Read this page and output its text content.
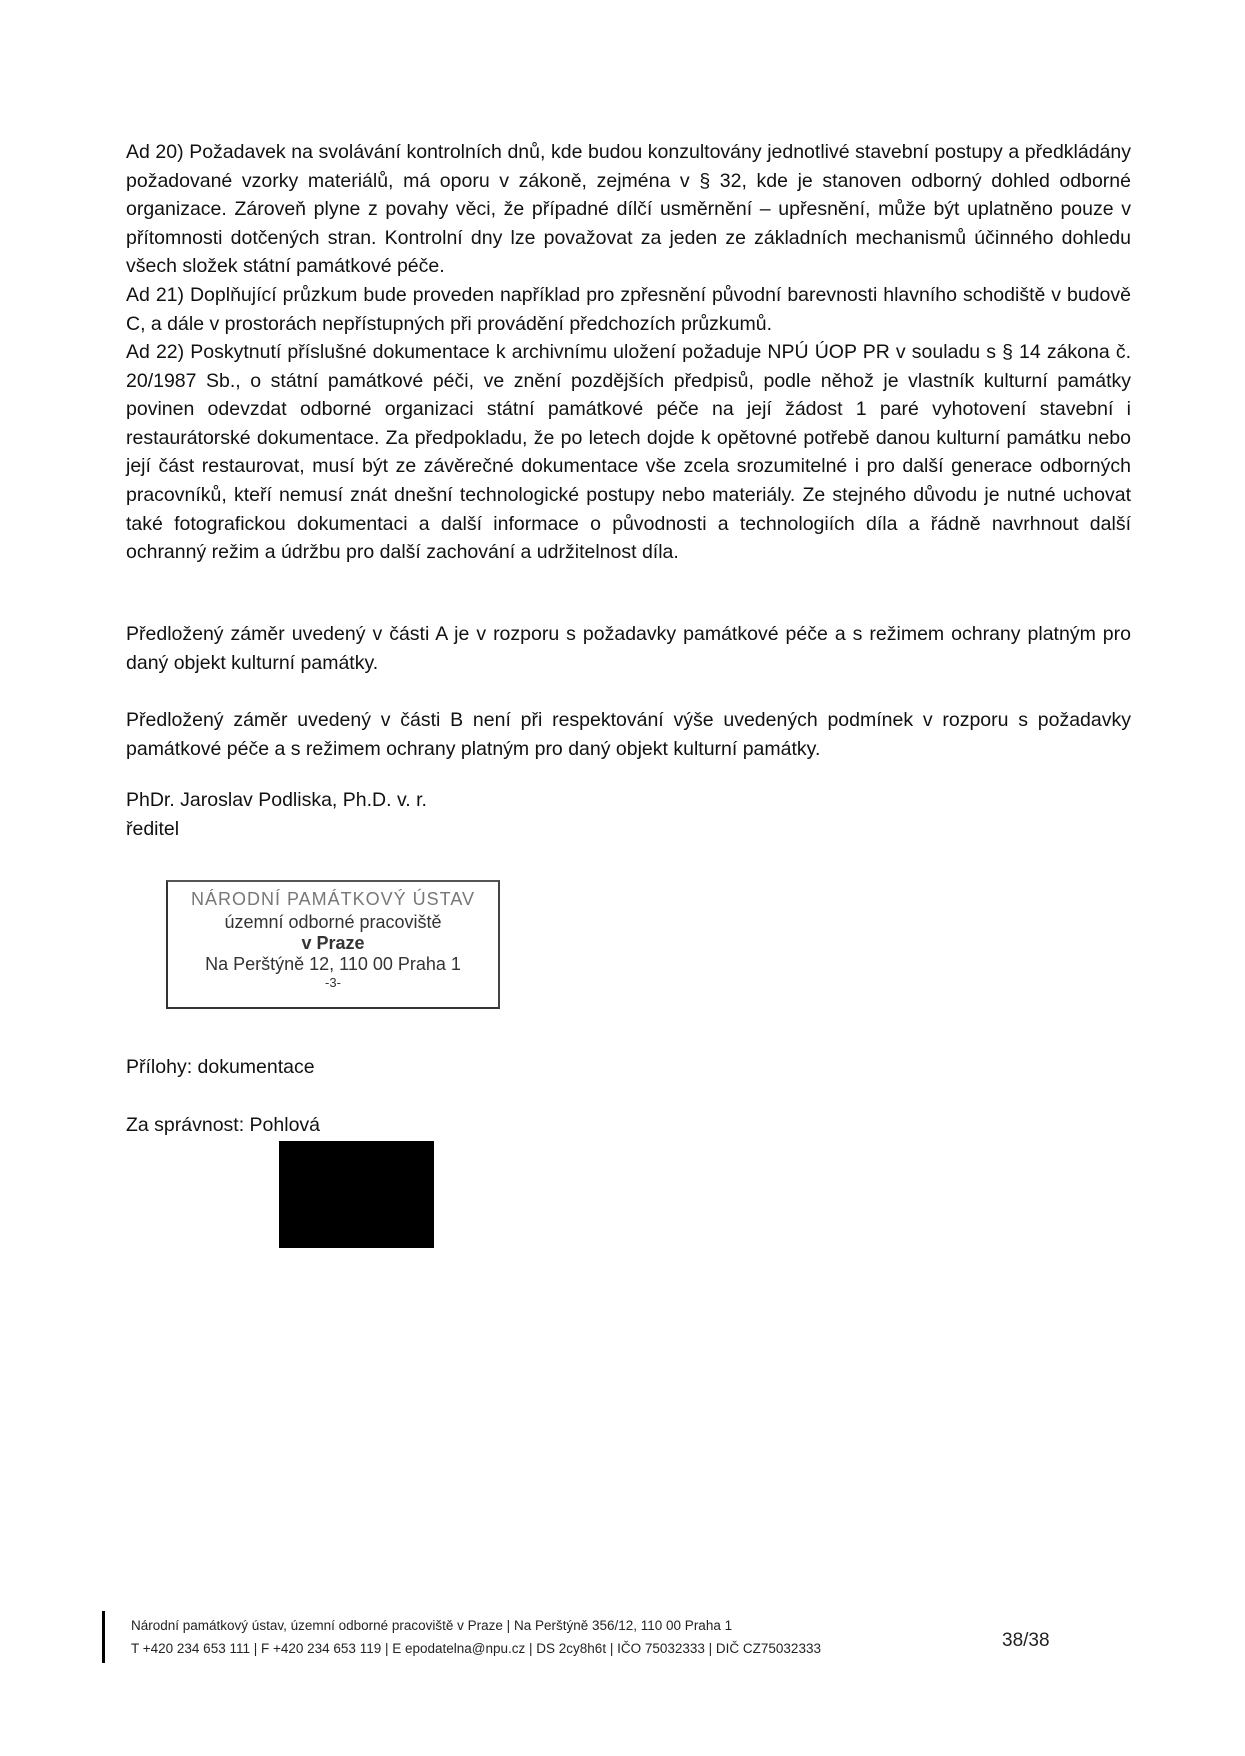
Ad 20) Požadavek na svolávání kontrolních dnů, kde budou konzultovány jednotlivé stavební postupy a předkládány požadované vzorky materiálů, má oporu v zákoně, zejména v § 32, kde je stanoven odborný dohled odborné organizace. Zároveň plyne z povahy věci, že případné dílčí usměrnění – upřesnění, může být uplatněno pouze v přítomnosti dotčených stran. Kontrolní dny lze považovat za jeden ze základních mechanismů účinného dohledu všech složek státní památkové péče.

Ad 21) Doplňující průzkum bude proveden například pro zpřesnění původní barevnosti hlavního schodiště v budově C, a dále v prostorách nepřístupných při provádění předchozích průzkumů.

Ad 22) Poskytnutí příslušné dokumentace k archivnímu uložení požaduje NPÚ ÚOP PR v souladu s § 14 zákona č. 20/1987 Sb., o státní památkové péči, ve znění pozdějších předpisů, podle něhož je vlastník kulturní památky povinen odevzdat odborné organizaci státní památkové péče na její žádost 1 paré vyhotovení stavební i restaurátorské dokumentace. Za předpokladu, že po letech dojde k opětovné potřebě danou kulturní památku nebo její část restaurovat, musí být ze závěrečné dokumentace vše zcela srozumitelné i pro další generace odborných pracovníků, kteří nemusí znát dnešní technologické postupy nebo materiály. Ze stejného důvodu je nutné uchovat také fotografickou dokumentaci a další informace o původnosti a technologiích díla a řádně navrhnout další ochranný režim a údržbu pro další zachování a udržitelnost díla.

Předložený záměr uvedený v části A je v rozporu s požadavky památkové péče a s režimem ochrany platným pro daný objekt kulturní památky.

Předložený záměr uvedený v části B není při respektování výše uvedených podmínek v rozporu s požadavky památkové péče a s režimem ochrany platným pro daný objekt kulturní památky.

PhDr. Jaroslav Podliska, Ph.D. v. r.
ředitel
NÁRODNÍ PAMÁTKOVÝ ÚSTAV
územní odborné pracoviště
v Praze
Na Perštýně 12, 110 00 Praha 1
-3-
Přílohy: dokumentace
Za správnost: Pohlová
Národní památkový ústav, územní odborné pracoviště v Praze | Na Perštýně 356/12, 110 00 Praha 1
T +420 234 653 111 | F +420 234 653 119 | E epodatelna@npu.cz | DS 2cy8h6t | IČO 75032333 | DIČ CZ75032333	38/38
